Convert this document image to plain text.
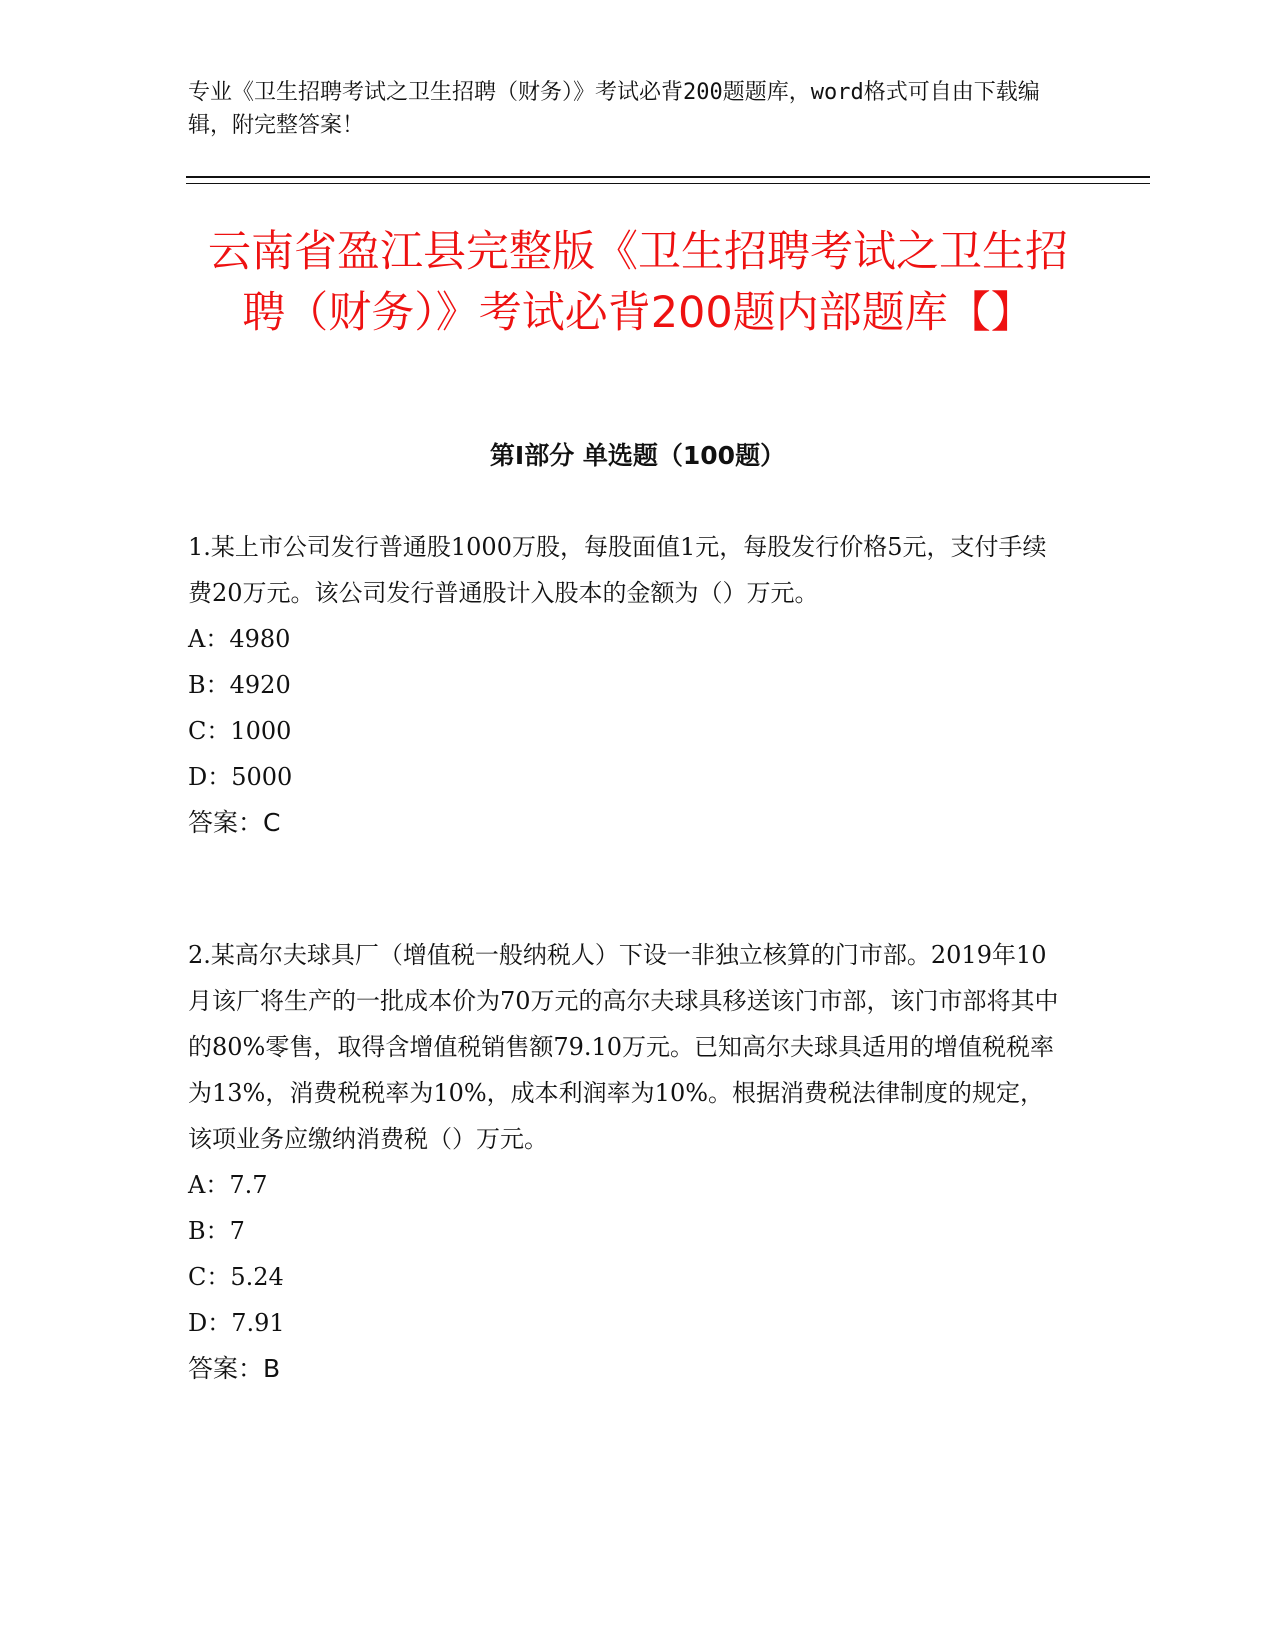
专业《卫生招聘考试之卫生招聘（财务）》考试必背200题题库，word格式可自由下载编辑，附完整答案！
云南省盈江县完整版《卫生招聘考试之卫生招聘（财务）》考试必背200题内部题库【】
第I部分 单选题（100题）

1.某上市公司发行普通股1000万股，每股面值1元，每股发行价格5元，支付手续费20万元。该公司发行普通股计入股本的金额为（）万元。

A：4980

B：4920

C：1000

D：5000

答案：C

2.某高尔夫球具厂（增值税一般纳税人）下设一非独立核算的门市部。2019年10月该厂将生产的一批成本价为70万元的高尔夫球具移送该门市部，该门市部将其中的80%零售，取得含增值税销售额79.10万元。已知高尔夫球具适用的增值税税率为13%，消费税税率为10%，成本利润率为10%。根据消费税法律制度的规定，该项业务应缴纳消费税（）万元。

A：7.7

B：7

C：5.24

D：7.91

答案：B
